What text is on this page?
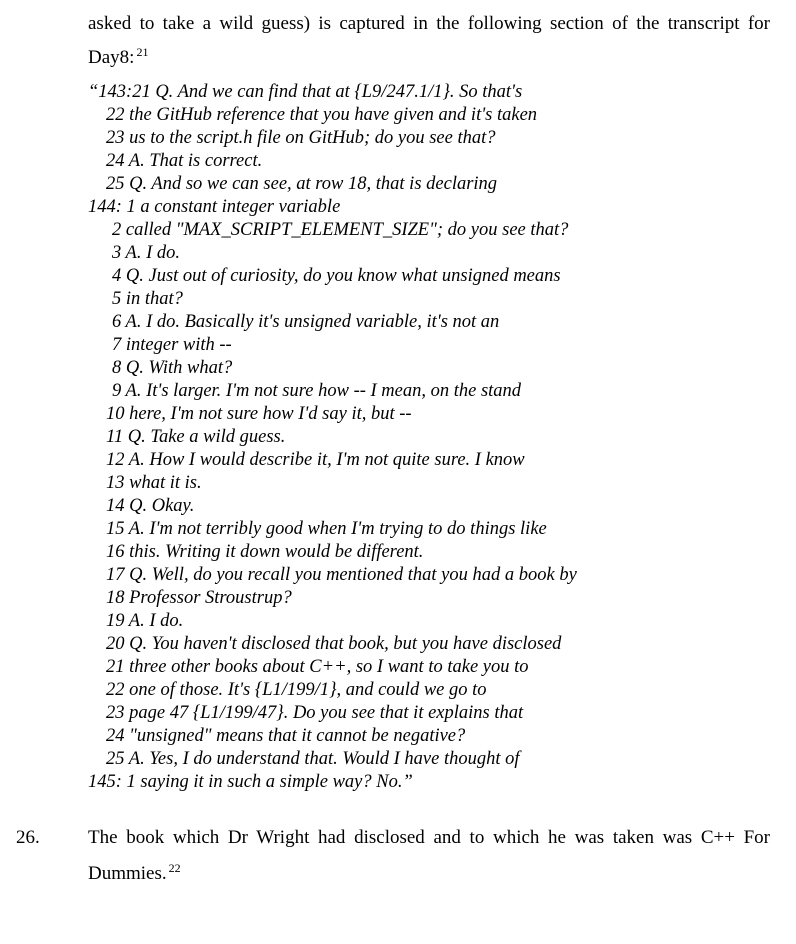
asked to take a wild guess) is captured in the following section of the transcript for

Day8: $^{21}$

“143:21 Q. And we can find that at {L9/247.1/1}. So that's
22 the GitHub reference that you have given and it's taken
23 us to the script.h file on GitHub; do you see that?
24 A. That is correct.
25 Q. And so we can see, at row 18, that is declaring
144: 1 a constant integer variable
2 called "MAX_SCRIPT_ELEMENT_SIZE"; do you see that?
3 A. I do.
4 Q. Just out of curiosity, do you know what unsigned means
5 in that?
6 A. I do. Basically it's unsigned variable, it's not an
7 integer with --
8 Q. With what?
9 A. It's larger. I'm not sure how -- I mean, on the stand
10 here, I'm not sure how I'd say it, but --
11 Q. Take a wild guess.
12 A. How I would describe it, I'm not quite sure. I know
13 what it is.
14 Q. Okay.
15 A. I'm not terribly good when I'm trying to do things like
16 this. Writing it down would be different.
17 Q. Well, do you recall you mentioned that you had a book by
18 Professor Stroustrup?
19 A. I do.
20 Q. You haven't disclosed that book, but you have disclosed
21 three other books about C++, so I want to take you to
22 one of those. It's {L1/199/1}, and could we go to
23 page 47 {L1/199/47}. Do you see that it explains that
24 "unsigned" means that it cannot be negative?
25 A. Yes, I do understand that. Would I have thought of
145: 1 saying it in such a simple way? No.”
26.	The book which Dr Wright had disclosed and to which he was taken was C++ For

Dummies. $^{22}$
